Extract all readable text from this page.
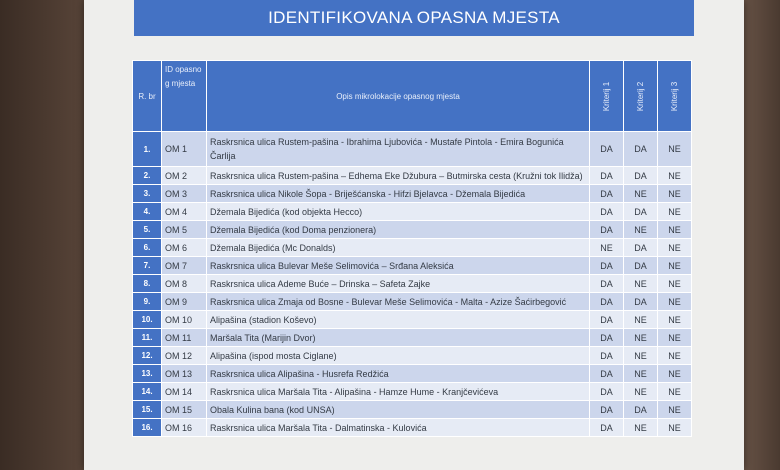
IDENTIFIKOVANA OPASNA MJESTA
R. br	ID opasno g mjesta	Opis mikrolokacije opasnog mjesta	Kriterij 1	Kriterij 2	Kriterij 3

1.	OM 1	Raskrsnica ulica Rustem-pašina - Ibrahima Ljubovića - Mustafe Pintola - Emira Bogunića Čarlija	DA	DA	NE
2.	OM 2	Raskrsnica ulica Rustem-pašina – Edhema Eke Džubura – Butmirska cesta (Kružni tok Ilidža)	DA	DA	NE
3.	OM 3	Raskrsnica ulica Nikole Šopa - Briješćanska - Hifzi Bjelavca - Džemala Bijedića	DA	NE	NE
4.	OM 4	Džemala Bijedića (kod objekta Hecco)	DA	DA	NE
5.	OM 5	Džemala Bijedića (kod Doma penzionera)	DA	NE	NE
6.	OM 6	Džemala Bijedića (Mc Donalds)	NE	DA	NE
7.	OM 7	Raskrsnica ulica Bulevar Meše Selimovića – Srđana Aleksića	DA	DA	NE
8.	OM 8	Raskrsnica ulica Ademe Buće – Drinska – Safeta Zajke	DA	NE	NE
9.	OM 9	Raskrsnica ulica Zmaja od Bosne - Bulevar Meše Selimovića - Malta - Azize Šaćirbegović	DA	DA	NE
10.	OM 10	Alipašina (stadion Koševo)	DA	NE	NE
11.	OM 11	Maršala Tita (Marijin Dvor)	DA	NE	NE
12.	OM 12	Alipašina (ispod mosta Ciglane)	DA	NE	NE
13.	OM 13	Raskrsnica ulica Alipašina - Husrefa Redžića	DA	NE	NE
14.	OM 14	Raskrsnica ulica Maršala Tita - Alipašina - Hamze Hume - Kranjčevićeva	DA	NE	NE
15.	OM 15	Obala Kulina bana (kod UNSA)	DA	DA	NE
16.	OM 16	Raskrsnica ulica Maršala Tita - Dalmatinska - Kulovića	DA	NE	NE
